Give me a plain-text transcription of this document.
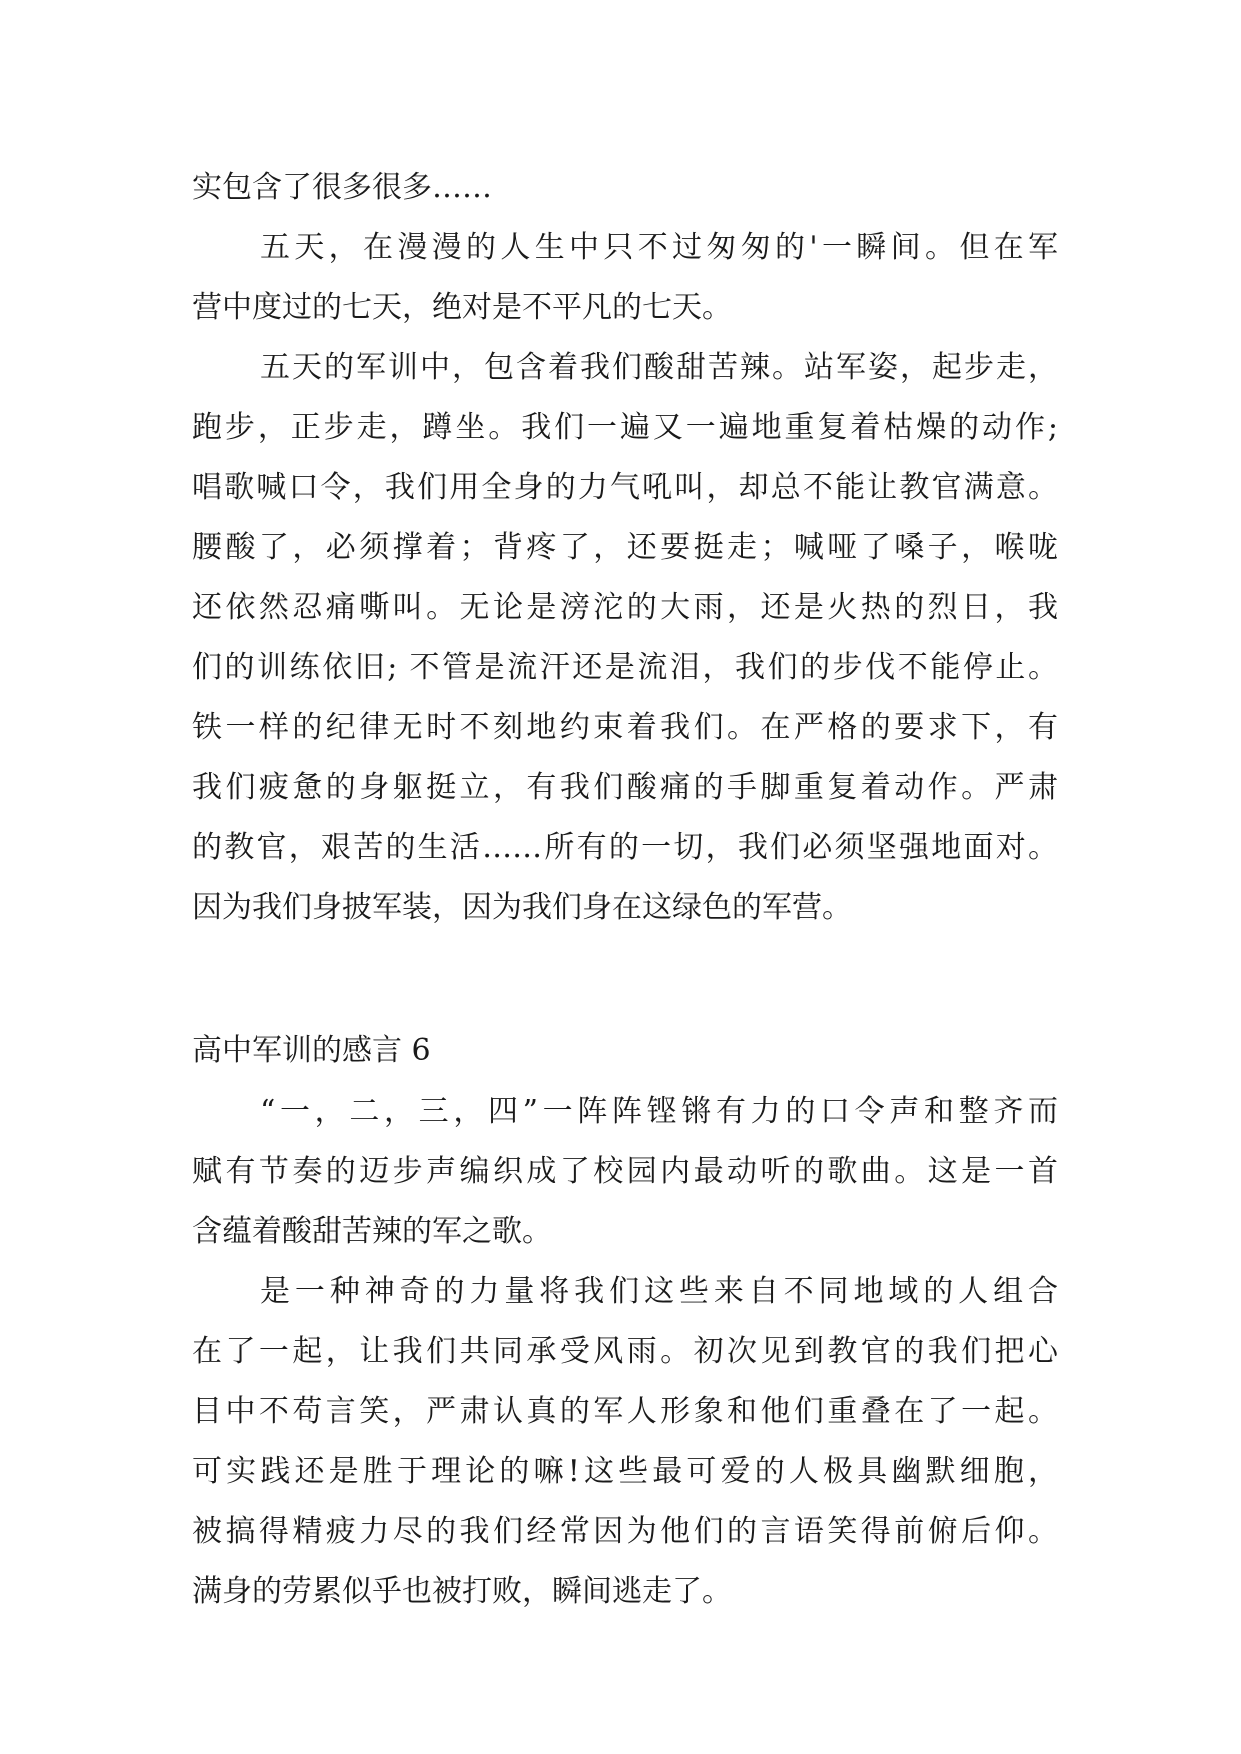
实包含了很多很多……
五天，在漫漫的人生中只不过匆匆的'一瞬间。但在军
营中度过的七天，绝对是不平凡的七天。
五天的军训中，包含着我们酸甜苦辣。站军姿，起步走，
跑步，正步走，蹲坐。我们一遍又一遍地重复着枯燥的动作;
唱歌喊口令，我们用全身的力气吼叫，却总不能让教官满意。
腰酸了，必须撑着；背疼了，还要挺走；喊哑了嗓子，喉咙
还依然忍痛嘶叫。无论是滂沱的大雨，还是火热的烈日，我
们的训练依旧; 不管是流汗还是流泪，我们的步伐不能停止。
铁一样的纪律无时不刻地约束着我们。在严格的要求下，有
我们疲惫的身躯挺立，有我们酸痛的手脚重复着动作。严肃
的教官，艰苦的生活……所有的一切，我们必须坚强地面对。
因为我们身披军装，因为我们身在这绿色的军营。
高中军训的感言 6
“一，二，三，四”一阵阵铿锵有力的口令声和整齐而
赋有节奏的迈步声编织成了校园内最动听的歌曲。这是一首
含蕴着酸甜苦辣的军之歌。
是一种神奇的力量将我们这些来自不同地域的人组合
在了一起，让我们共同承受风雨。初次见到教官的我们把心
目中不苟言笑，严肃认真的军人形象和他们重叠在了一起。
可实践还是胜于理论的嘛!这些最可爱的人极具幽默细胞，
被搞得精疲力尽的我们经常因为他们的言语笑得前俯后仰。
满身的劳累似乎也被打败，瞬间逃走了。
